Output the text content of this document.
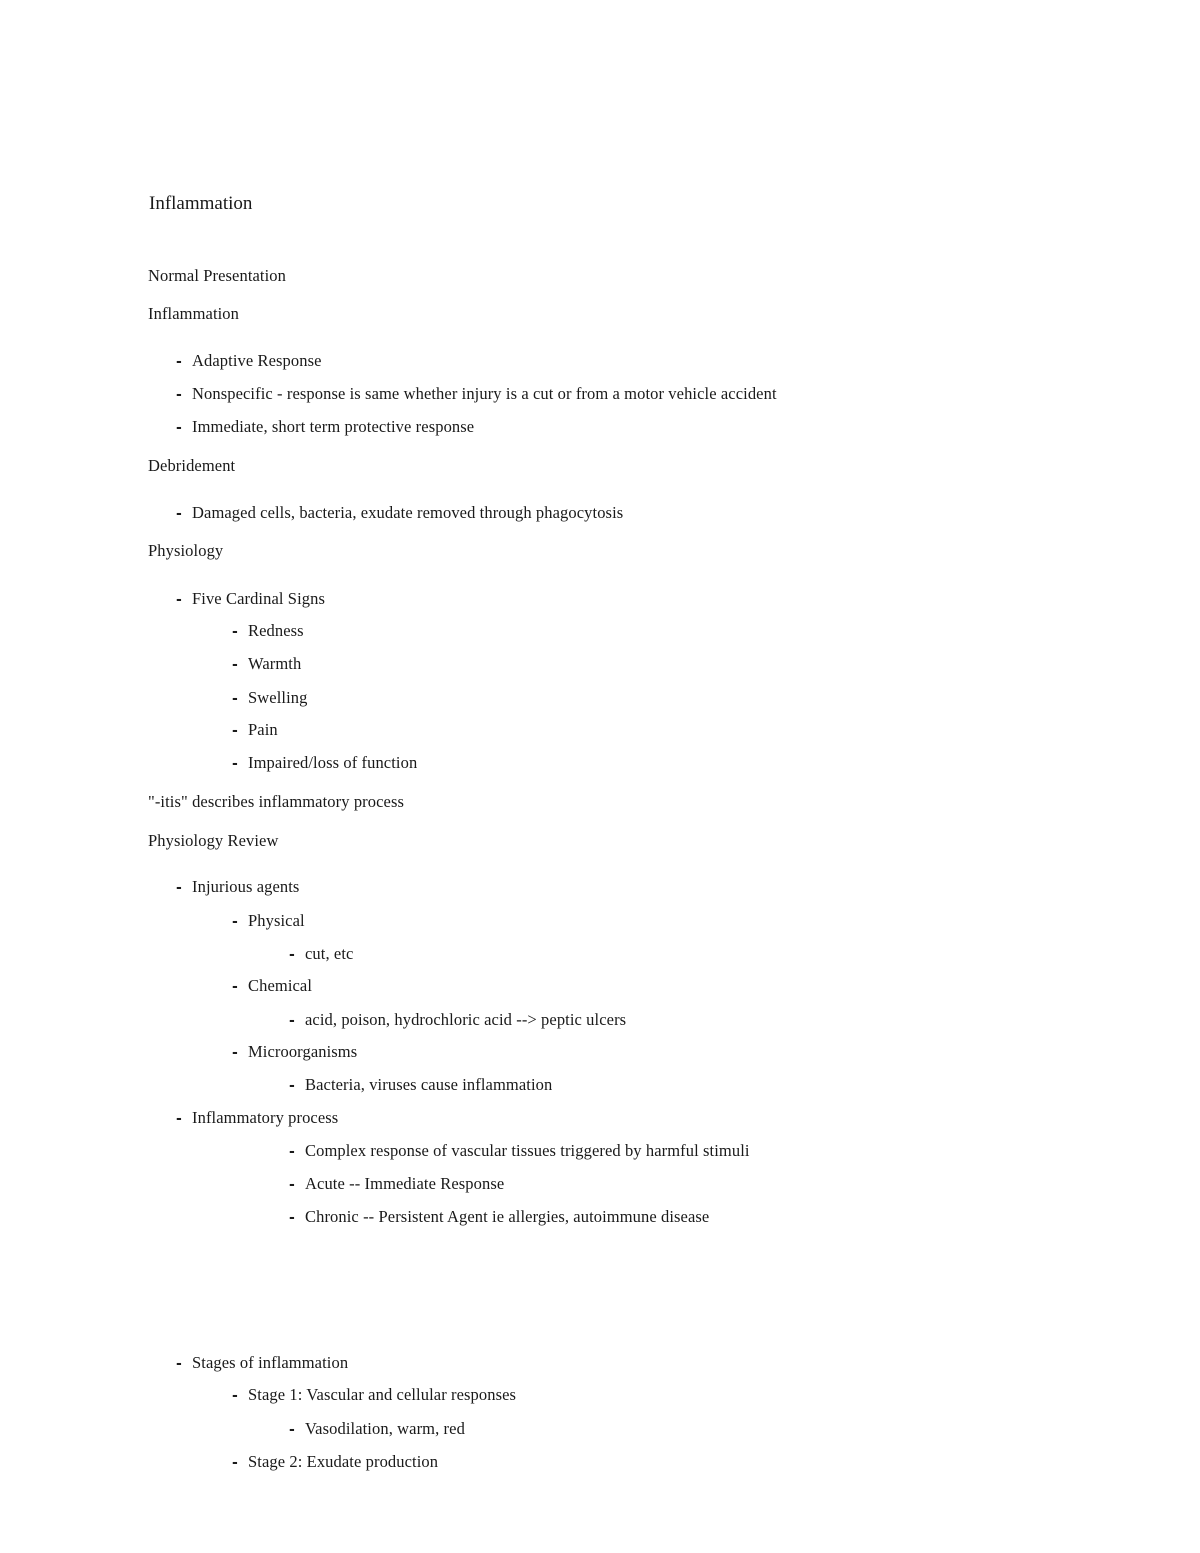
Inflammation
Normal Presentation
Inflammation
- Adaptive Response
- Nonspecific - response is same whether injury is a cut or from a motor vehicle accident
- Immediate, short term protective response
Debridement
- Damaged cells, bacteria, exudate removed through phagocytosis
Physiology
- Five Cardinal Signs
- Redness
- Warmth
- Swelling
- Pain
- Impaired/loss of function
"-itis" describes inflammatory process
Physiology Review
- Injurious agents
- Physical
- cut, etc
- Chemical
- acid, poison, hydrochloric acid --> peptic ulcers
- Microorganisms
- Bacteria, viruses cause inflammation
- Inflammatory process
- Complex response of vascular tissues triggered by harmful stimuli
- Acute -- Immediate Response
- Chronic -- Persistent Agent ie allergies, autoimmune disease
- Stages of inflammation
- Stage 1: Vascular and cellular responses
- Vasodilation, warm, red
- Stage 2: Exudate production
